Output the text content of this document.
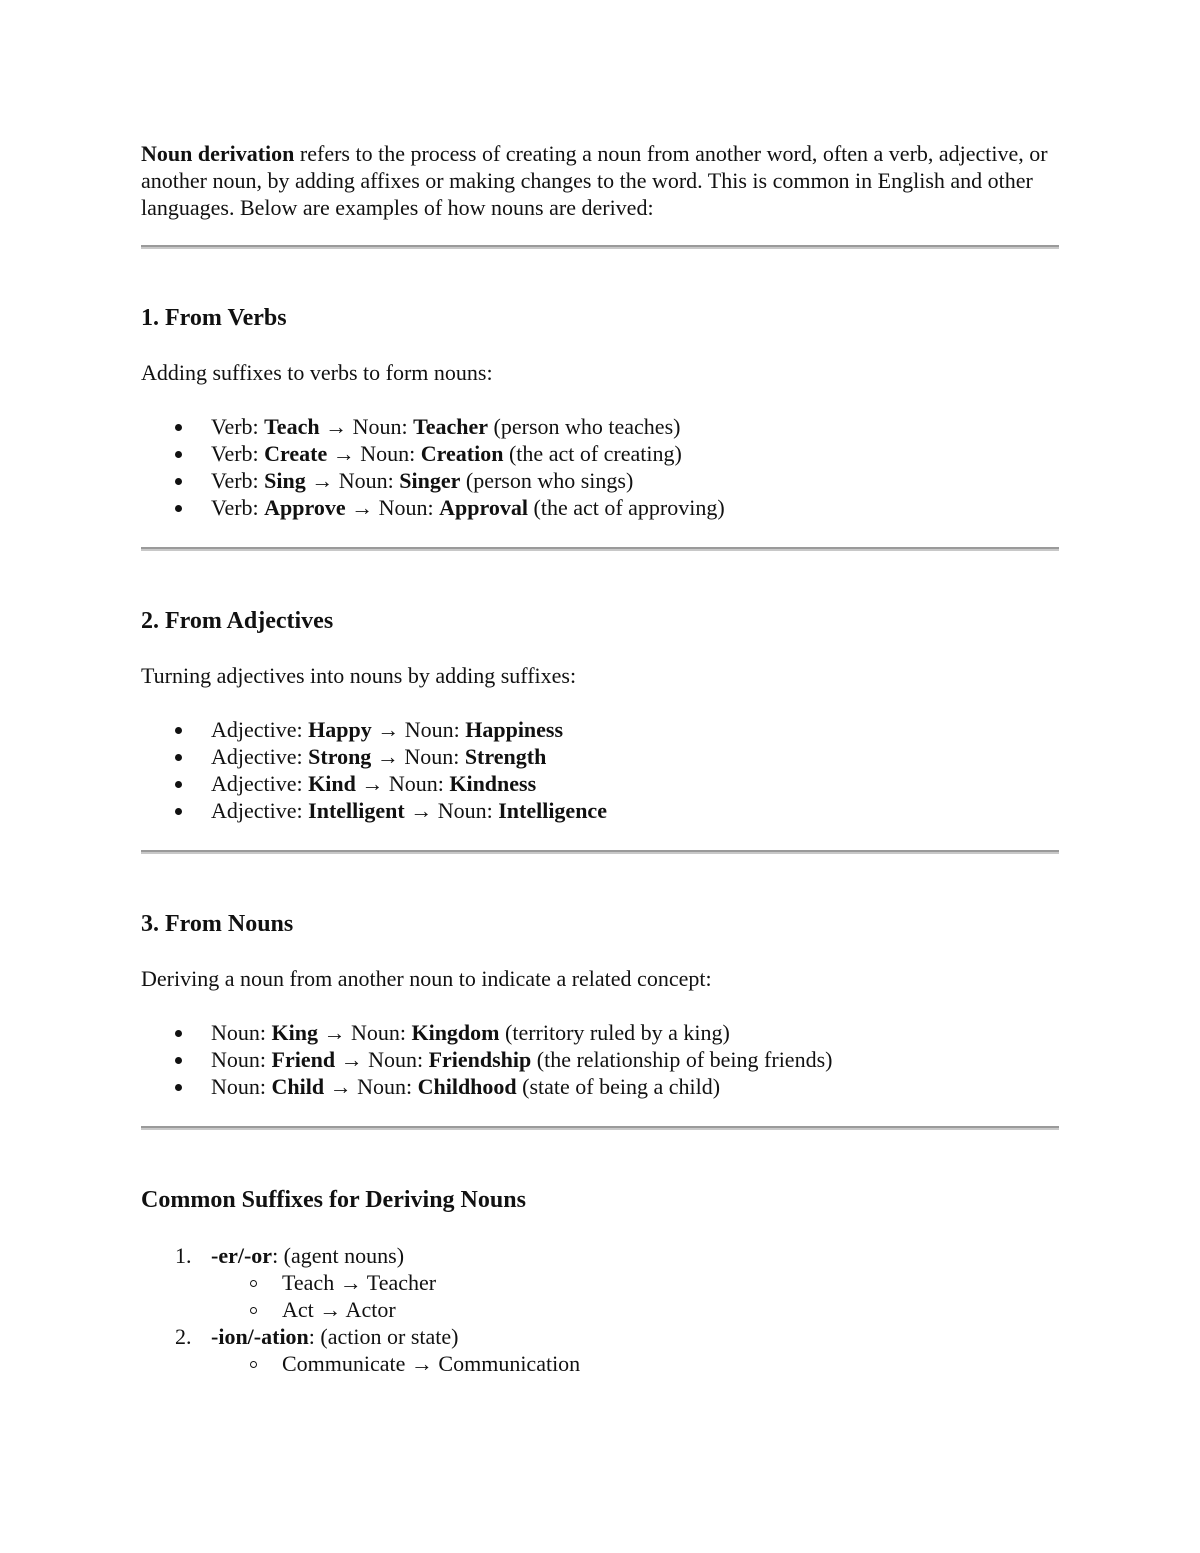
Noun derivation refers to the process of creating a noun from another word, often a verb, adjective, or another noun, by adding affixes or making changes to the word. This is common in English and other languages. Below are examples of how nouns are derived:

1. From Verbs

Adding suffixes to verbs to form nouns:

Verb: Teach → Noun: Teacher (person who teaches)
Verb: Create → Noun: Creation (the act of creating)
Verb: Sing → Noun: Singer (person who sings)
Verb: Approve → Noun: Approval (the act of approving)
2. From Adjectives

Turning adjectives into nouns by adding suffixes:

Adjective: Happy → Noun: Happiness
Adjective: Strong → Noun: Strength
Adjective: Kind → Noun: Kindness
Adjective: Intelligent → Noun: Intelligence
3. From Nouns

Deriving a noun from another noun to indicate a related concept:

Noun: King → Noun: Kingdom (territory ruled by a king)
Noun: Friend → Noun: Friendship (the relationship of being friends)
Noun: Child → Noun: Childhood (state of being a child)
Common Suffixes for Deriving Nouns
1. -er/-or: (agent nouns)
Teach → Teacher
Act → Actor
2. -ion/-ation: (action or state)
Communicate → Communication
